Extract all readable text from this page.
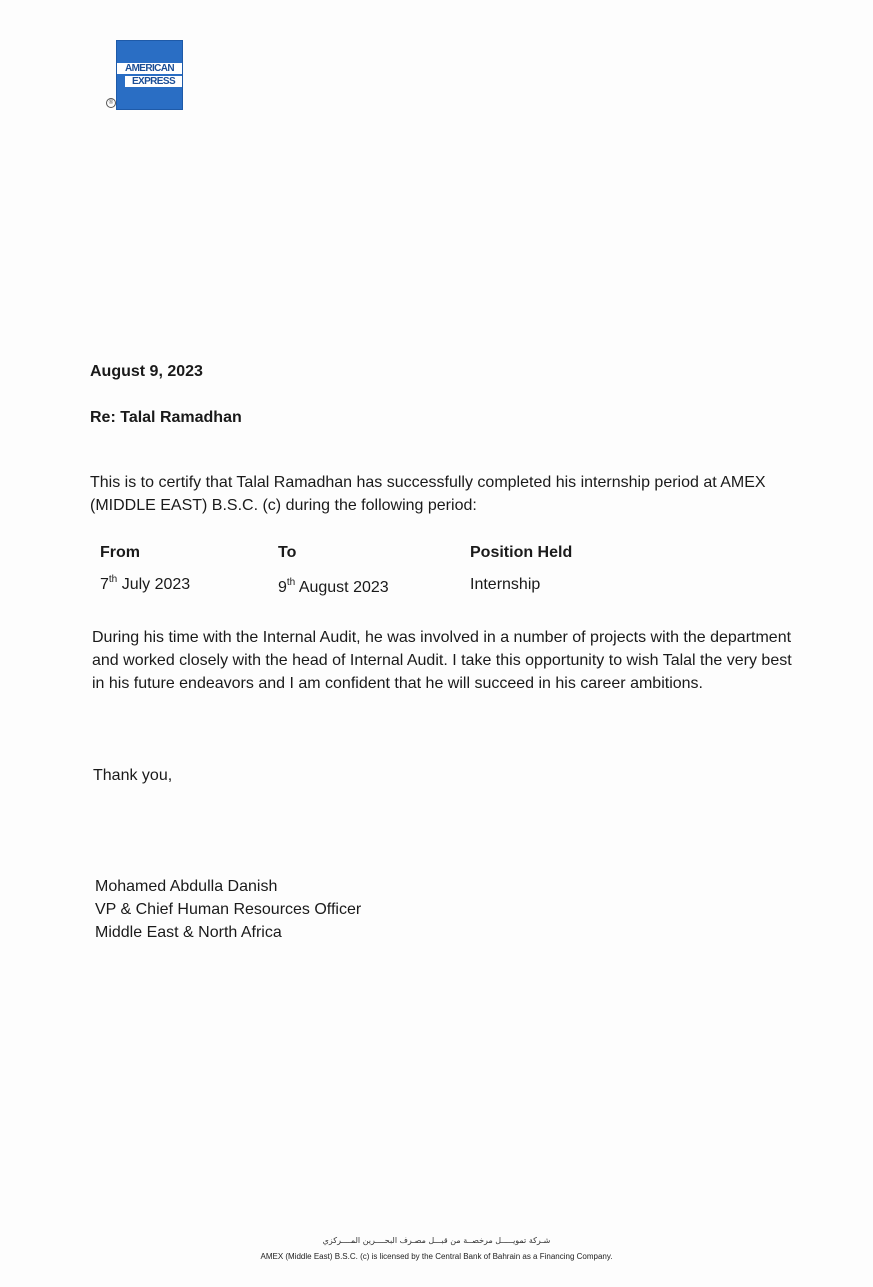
AMERICAN
EXPRESS
®
August 9, 2023
Re: Talal Ramadhan
This is to certify that Talal Ramadhan has successfully completed his internship period at AMEX (MIDDLE EAST) B.S.C. (c) during the following period:
From	To	Position Held
7th July 2023	9th August 2023	Internship
During his time with the Internal Audit, he was involved in a number of projects with the department and worked closely with the head of Internal Audit. I take this opportunity to wish Talal the very best in his future endeavors and I am confident that he will succeed in his career ambitions.
Thank you,
Mohamed Abdulla Danish
VP & Chief Human Resources Officer
Middle East & North Africa
شـركة تمويـــــل مرخصــة من قبـــل مصـرف البحــــرين المــــركزي
AMEX (Middle East) B.S.C. (c) is licensed by the Central Bank of Bahrain as a Financing Company.
